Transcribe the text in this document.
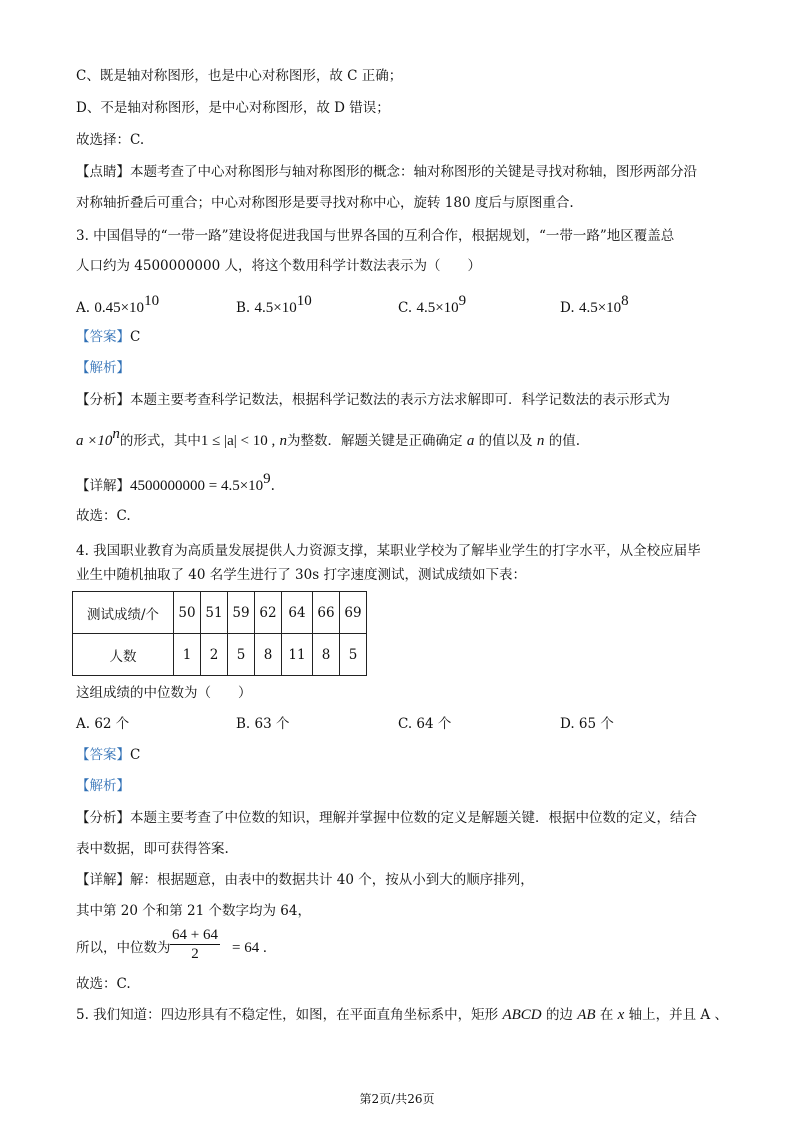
C、既是轴对称图形，也是中心对称图形，故 C 正确；
D、不是轴对称图形，是中心对称图形，故 D 错误；
故选择：C.
【点睛】本题考查了中心对称图形与轴对称图形的概念：轴对称图形的关键是寻找对称轴，图形两部分沿
对称轴折叠后可重合；中心对称图形是要寻找对称中心，旋转 180 度后与原图重合.
3. 中国倡导的“一带一路”建设将促进我国与世界各国的互利合作，根据规划，“一带一路”地区覆盖总
人口约为 4500000000 人，将这个数用科学计数法表示为（　　）
A. $0.45\times 10^{10}$	B. $4.5\times 10^{10}$	C. $4.5\times 10^9$	D. $4.5\times 10^8$
【答案】C
【解析】
【分析】本题主要考查科学记数法，根据科学记数法的表示方法求解即可．科学记数法的表示形式为
$a \times 10^n$的形式，其中1 ≤ |a| < 10 , n为整数．解题关键是正确确定 a 的值以及 n 的值.
【详解】$4500000000 = 4.5\times 10^9$.
故选：C.
4. 我国职业教育为高质量发展提供人力资源支撑，某职业学校为了解毕业学生的打字水平，从全校应届毕
业生中随机抽取了 40 名学生进行了 30s 打字速度测试，测试成绩如下表：
测试成绩/个	50	51	59	62	64	66	69
人数	1	2	5	8	11	8	5
这组成绩的中位数为（　　）
A. 62 个	B. 63 个	C. 64 个	D. 65 个
【答案】C
【解析】
【分析】本题主要考查了中位数的知识，理解并掌握中位数的定义是解题关键．根据中位数的定义，结合
表中数据，即可获得答案.
【详解】解：根据题意，由表中的数据共计 40 个，按从小到大的顺序排列，
其中第 20 个和第 21 个数字均为 64，
所以，中位数为 $\frac{64 + 64}{2} = 64$ .
故选：C.
5. 我们知道：四边形具有不稳定性，如图，在平面直角坐标系中，矩形 ABCD 的边 AB 在 x 轴上，并且 A 、
第2页/共26页
